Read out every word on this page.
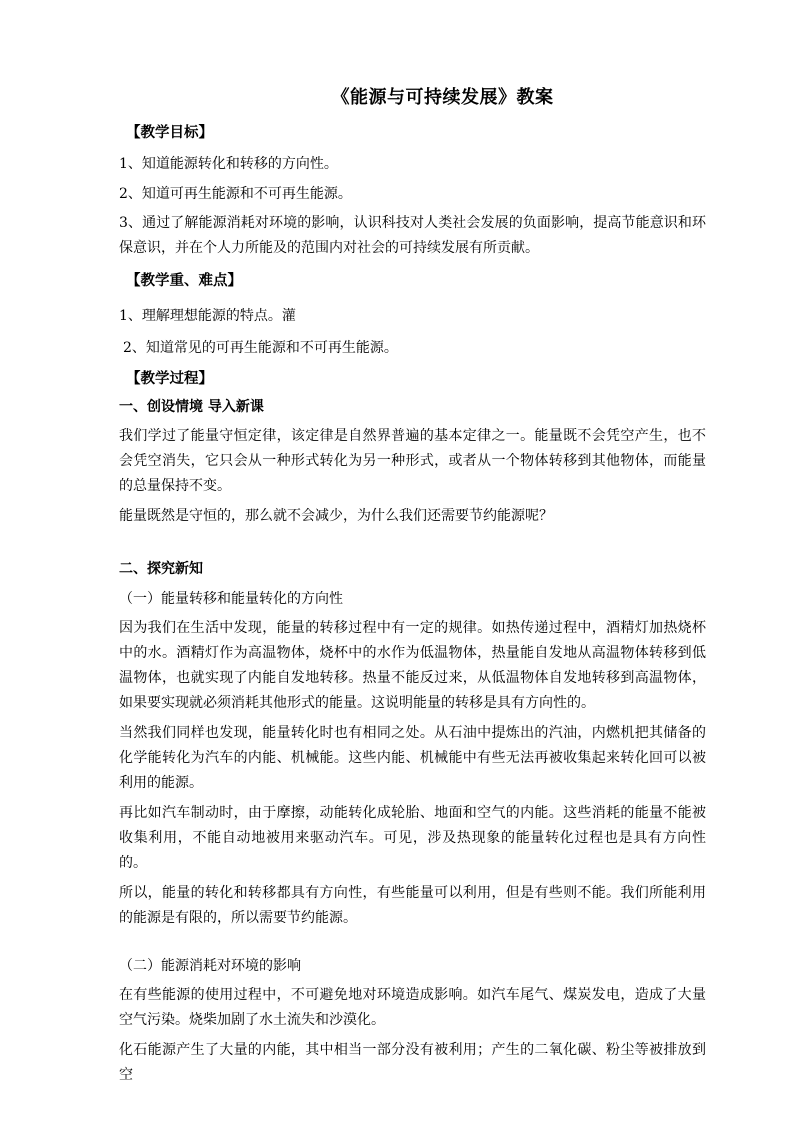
《能源与可持续发展》教案
【教学目标】
1、知道能源转化和转移的方向性。
2、知道可再生能源和不可再生能源。
3、通过了解能源消耗对环境的影响，认识科技对人类社会发展的负面影响，提高节能意识和环保意识，并在个人力所能及的范围内对社会的可持续发展有所贡献。
【教学重、难点】
1、理解理想能源的特点。灌
2、知道常见的可再生能源和不可再生能源。
【教学过程】
一、创设情境 导入新课
我们学过了能量守恒定律，该定律是自然界普遍的基本定律之一。能量既不会凭空产生，也不会凭空消失，它只会从一种形式转化为另一种形式，或者从一个物体转移到其他物体，而能量的总量保持不变。
能量既然是守恒的，那么就不会减少，为什么我们还需要节约能源呢？
二、探究新知
（一）能量转移和能量转化的方向性
因为我们在生活中发现，能量的转移过程中有一定的规律。如热传递过程中，酒精灯加热烧杯中的水。酒精灯作为高温物体，烧杯中的水作为低温物体，热量能自发地从高温物体转移到低温物体，也就实现了内能自发地转移。热量不能反过来，从低温物体自发地转移到高温物体，如果要实现就必须消耗其他形式的能量。这说明能量的转移是具有方向性的。
当然我们同样也发现，能量转化时也有相同之处。从石油中提炼出的汽油，内燃机把其储备的化学能转化为汽车的内能、机械能。这些内能、机械能中有些无法再被收集起来转化回可以被利用的能源。
再比如汽车制动时，由于摩擦，动能转化成轮胎、地面和空气的内能。这些消耗的能量不能被收集利用，不能自动地被用来驱动汽车。可见，涉及热现象的能量转化过程也是具有方向性的。
所以，能量的转化和转移都具有方向性，有些能量可以利用，但是有些则不能。我们所能利用的能源是有限的，所以需要节约能源。
（二）能源消耗对环境的影响
在有些能源的使用过程中，不可避免地对环境造成影响。如汽车尾气、煤炭发电，造成了大量空气污染。烧柴加剧了水土流失和沙漠化。
化石能源产生了大量的内能，其中相当一部分没有被利用；产生的二氧化碳、粉尘等被排放到空
